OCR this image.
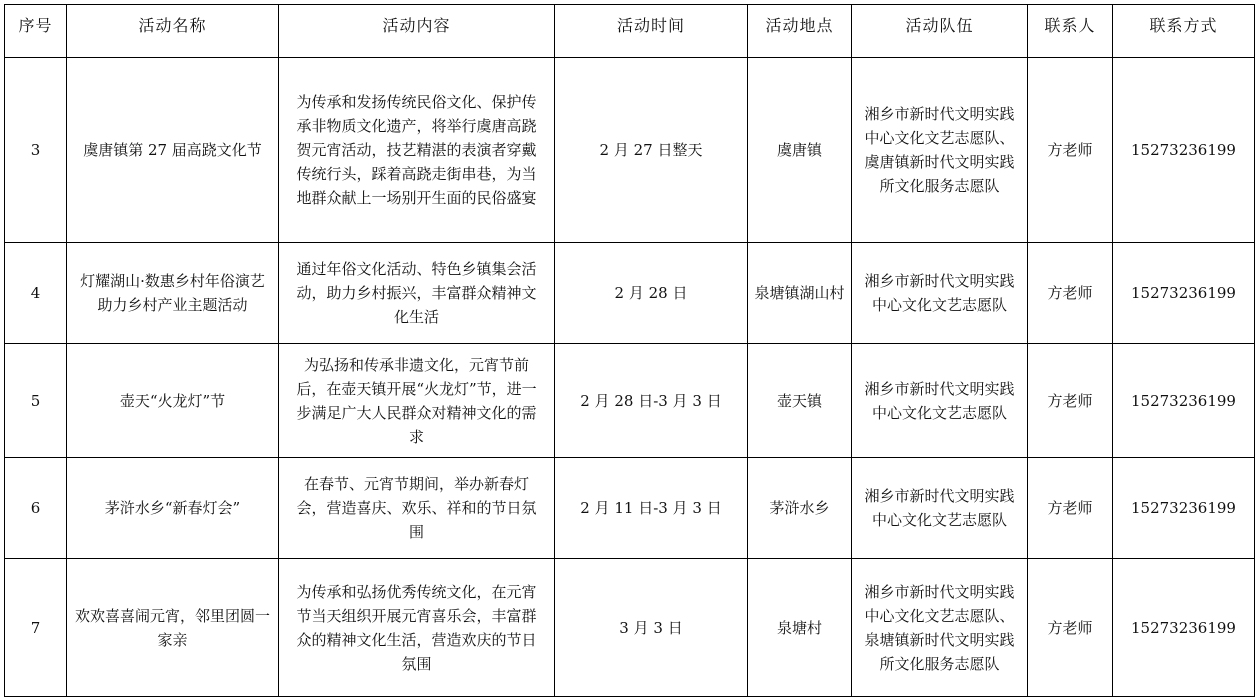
序号	活动名称	活动内容	活动时间	活动地点	活动队伍	联系人	联系方式
3	虞唐镇第 27 届高跷文化节	为传承和发扬传统民俗文化、保护传承非物质文化遗产，将举行虞唐高跷贺元宵活动，技艺精湛的表演者穿戴传统行头，踩着高跷走街串巷，为当地群众献上一场别开生面的民俗盛宴	2 月 27 日整天	虞唐镇	湘乡市新时代文明实践中心文化文艺志愿队、虞唐镇新时代文明实践所文化服务志愿队	方老师	15273236199
4	灯耀湖山·数惠乡村年俗演艺助力乡村产业主题活动	通过年俗文化活动、特色乡镇集会活动，助力乡村振兴，丰富群众精神文化生活	2 月 28 日	泉塘镇湖山村	湘乡市新时代文明实践中心文化文艺志愿队	方老师	15273236199
5	壶天“火龙灯”节	为弘扬和传承非遗文化，元宵节前后，在壶天镇开展“火龙灯”节，进一步满足广大人民群众对精神文化的需求	2 月 28 日-3 月 3 日	壶天镇	湘乡市新时代文明实践中心文化文艺志愿队	方老师	15273236199
6	茅浒水乡“新春灯会”	在春节、元宵节期间，举办新春灯会，营造喜庆、欢乐、祥和的节日氛围	2 月 11 日-3 月 3 日	茅浒水乡	湘乡市新时代文明实践中心文化文艺志愿队	方老师	15273236199
7	欢欢喜喜闹元宵，邻里团圆一家亲	为传承和弘扬优秀传统文化，在元宵节当天组织开展元宵喜乐会，丰富群众的精神文化生活，营造欢庆的节日氛围	3 月 3 日	泉塘村	湘乡市新时代文明实践中心文化文艺志愿队、泉塘镇新时代文明实践所文化服务志愿队	方老师	15273236199
